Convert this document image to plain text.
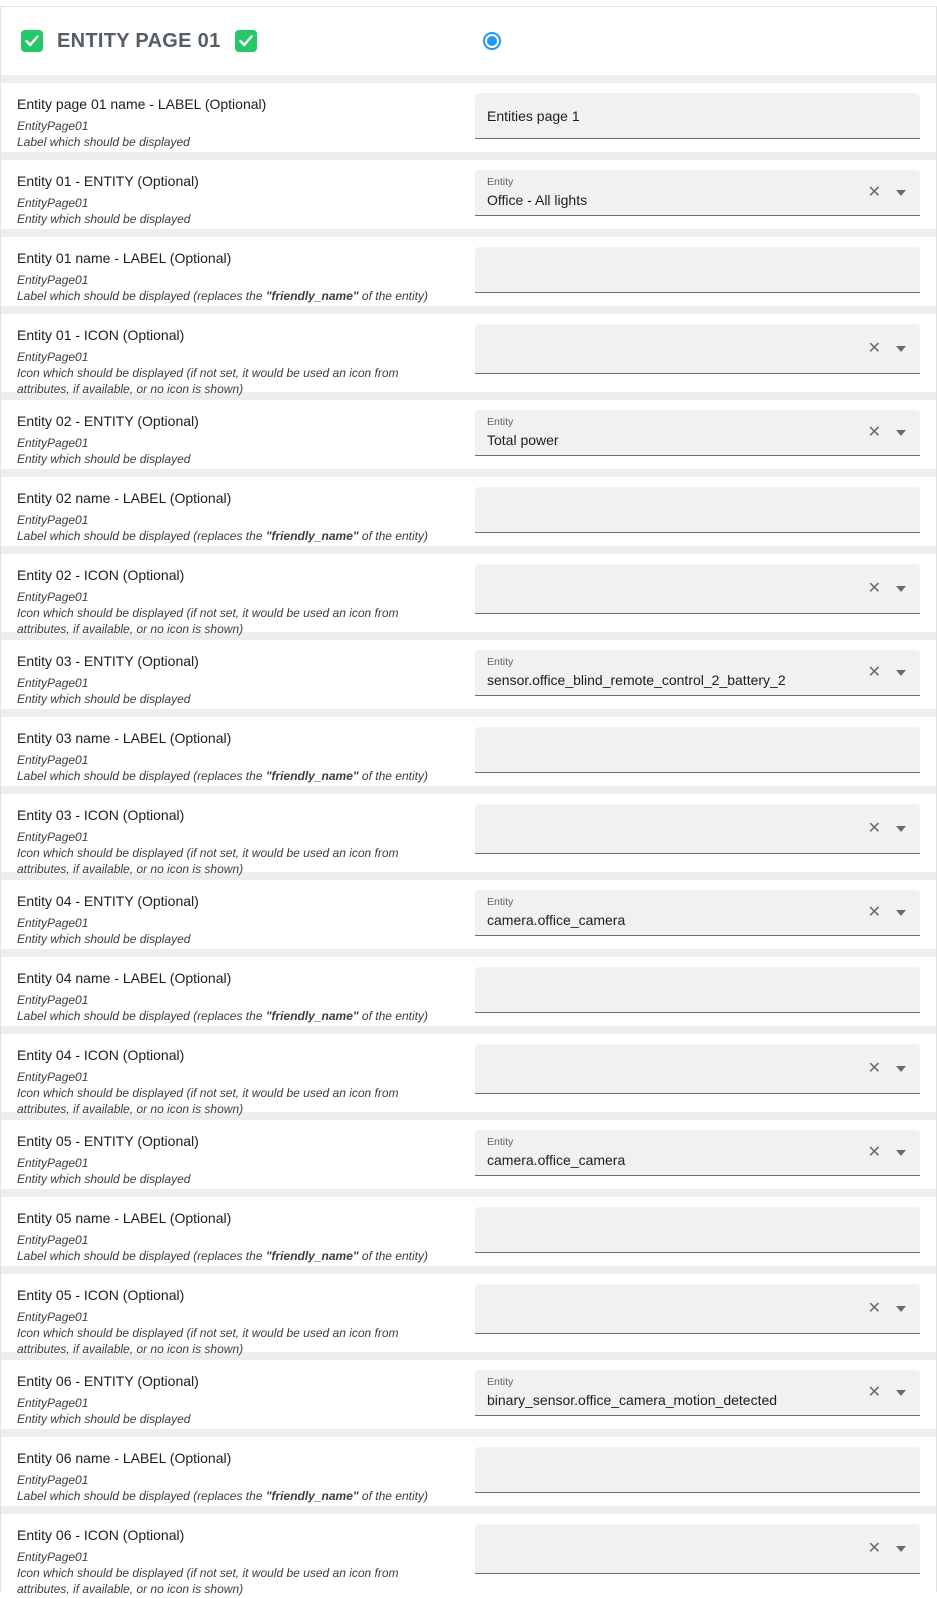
ENTITY PAGE 01
Entity page 01 name - LABEL (Optional)
EntityPage01
Label which should be displayed
Entities page 1
Entity 01 - ENTITY (Optional)
EntityPage01
Entity which should be displayed
Entity
Office - All lights	✕
Entity 01 name - LABEL (Optional)
EntityPage01
Label which should be displayed (replaces the "friendly_name" of the entity)
Entity 01 - ICON (Optional)
EntityPage01
Icon which should be displayed (if not set, it would be used an icon from attributes, if available, or no icon is shown)
✕
Entity 02 - ENTITY (Optional)
EntityPage01
Entity which should be displayed
Entity
Total power	✕
Entity 02 name - LABEL (Optional)
EntityPage01
Label which should be displayed (replaces the "friendly_name" of the entity)
Entity 02 - ICON (Optional)
EntityPage01
Icon which should be displayed (if not set, it would be used an icon from attributes, if available, or no icon is shown)
✕
Entity 03 - ENTITY (Optional)
EntityPage01
Entity which should be displayed
Entity
sensor.office_blind_remote_control_2_battery_2	✕
Entity 03 name - LABEL (Optional)
EntityPage01
Label which should be displayed (replaces the "friendly_name" of the entity)
Entity 03 - ICON (Optional)
EntityPage01
Icon which should be displayed (if not set, it would be used an icon from attributes, if available, or no icon is shown)
✕
Entity 04 - ENTITY (Optional)
EntityPage01
Entity which should be displayed
Entity
camera.office_camera	✕
Entity 04 name - LABEL (Optional)
EntityPage01
Label which should be displayed (replaces the "friendly_name" of the entity)
Entity 04 - ICON (Optional)
EntityPage01
Icon which should be displayed (if not set, it would be used an icon from attributes, if available, or no icon is shown)
✕
Entity 05 - ENTITY (Optional)
EntityPage01
Entity which should be displayed
Entity
camera.office_camera	✕
Entity 05 name - LABEL (Optional)
EntityPage01
Label which should be displayed (replaces the "friendly_name" of the entity)
Entity 05 - ICON (Optional)
EntityPage01
Icon which should be displayed (if not set, it would be used an icon from attributes, if available, or no icon is shown)
✕
Entity 06 - ENTITY (Optional)
EntityPage01
Entity which should be displayed
Entity
binary_sensor.office_camera_motion_detected	✕
Entity 06 name - LABEL (Optional)
EntityPage01
Label which should be displayed (replaces the "friendly_name" of the entity)
Entity 06 - ICON (Optional)
EntityPage01
Icon which should be displayed (if not set, it would be used an icon from attributes, if available, or no icon is shown)
✕
